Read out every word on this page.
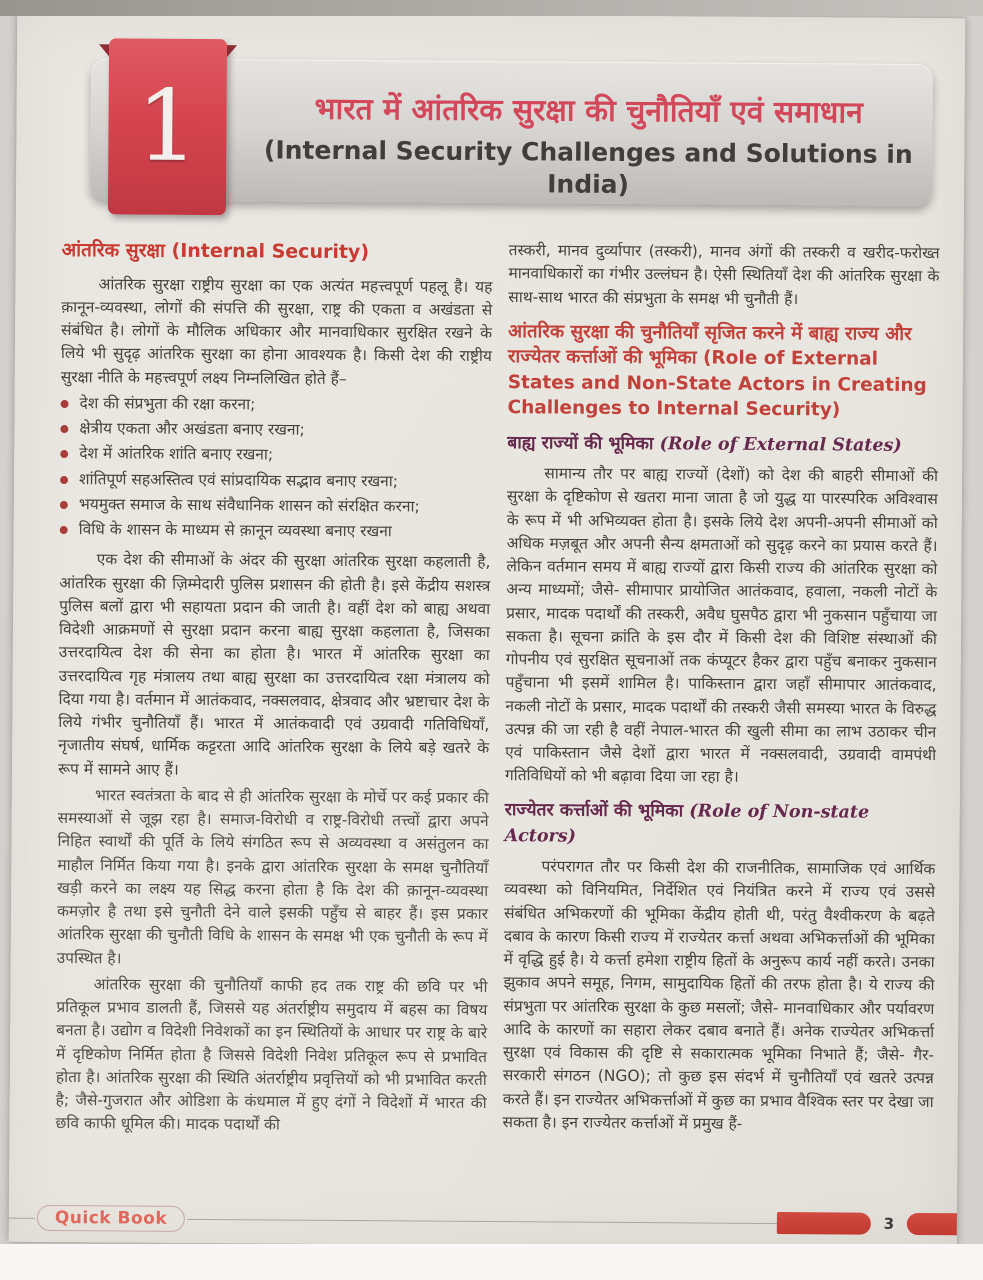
भारत में आंतरिक सुरक्षा की चुनौतियाँ एवं समाधान
(Internal Security Challenges and Solutions in India)
1
आंतरिक सुरक्षा (Internal Security)

आंतरिक सुरक्षा राष्ट्रीय सुरक्षा का एक अत्यंत महत्त्वपूर्ण पहलू है। यह क़ानून-व्यवस्था, लोगों की संपत्ति की सुरक्षा, राष्ट्र की एकता व अखंडता से संबंधित है। लोगों के मौलिक अधिकार और मानवाधिकार सुरक्षित रखने के लिये भी सुदृढ़ आंतरिक सुरक्षा का होना आवश्यक है। किसी देश की राष्ट्रीय सुरक्षा नीति के महत्त्वपूर्ण लक्ष्य निम्नलिखित होते हैं–

देश की संप्रभुता की रक्षा करना;
क्षेत्रीय एकता और अखंडता बनाए रखना;
देश में आंतरिक शांति बनाए रखना;
शांतिपूर्ण सहअस्तित्व एवं सांप्रदायिक सद्भाव बनाए रखना;
भयमुक्त समाज के साथ संवैधानिक शासन को संरक्षित करना;
विधि के शासन के माध्यम से क़ानून व्यवस्था बनाए रखना

एक देश की सीमाओं के अंदर की सुरक्षा आंतरिक सुरक्षा कहलाती है, आंतरिक सुरक्षा की ज़िम्मेदारी पुलिस प्रशासन की होती है। इसे केंद्रीय सशस्त्र पुलिस बलों द्वारा भी सहायता प्रदान की जाती है। वहीं देश को बाह्य अथवा विदेशी आक्रमणों से सुरक्षा प्रदान करना बाह्य सुरक्षा कहलाता है, जिसका उत्तरदायित्व देश की सेना का होता है। भारत में आंतरिक सुरक्षा का उत्तरदायित्व गृह मंत्रालय तथा बाह्य सुरक्षा का उत्तरदायित्व रक्षा मंत्रालय को दिया गया है। वर्तमान में आतंकवाद, नक्सलवाद, क्षेत्रवाद और भ्रष्टाचार देश के लिये गंभीर चुनौतियाँ हैं। भारत में आतंकवादी एवं उग्रवादी गतिविधियाँ, नृजातीय संघर्ष, धार्मिक कट्टरता आदि आंतरिक सुरक्षा के लिये बड़े खतरे के रूप में सामने आए हैं।

भारत स्वतंत्रता के बाद से ही आंतरिक सुरक्षा के मोर्चे पर कई प्रकार की समस्याओं से जूझ रहा है। समाज-विरोधी व राष्ट्र-विरोधी तत्त्वों द्वारा अपने निहित स्वार्थों की पूर्ति के लिये संगठित रूप से अव्यवस्था व असंतुलन का माहौल निर्मित किया गया है। इनके द्वारा आंतरिक सुरक्षा के समक्ष चुनौतियाँ खड़ी करने का लक्ष्य यह सिद्ध करना होता है कि देश की क़ानून-व्यवस्था कमज़ोर है तथा इसे चुनौती देने वाले इसकी पहुँच से बाहर हैं। इस प्रकार आंतरिक सुरक्षा की चुनौती विधि के शासन के समक्ष भी एक चुनौती के रूप में उपस्थित है।

आंतरिक सुरक्षा की चुनौतियाँ काफी हद तक राष्ट्र की छवि पर भी प्रतिकूल प्रभाव डालती हैं, जिससे यह अंतर्राष्ट्रीय समुदाय में बहस का विषय बनता है। उद्योग व विदेशी निवेशकों का इन स्थितियों के आधार पर राष्ट्र के बारे में दृष्टिकोण निर्मित होता है जिससे विदेशी निवेश प्रतिकूल रूप से प्रभावित होता है। आंतरिक सुरक्षा की स्थिति अंतर्राष्ट्रीय प्रवृत्तियों को भी प्रभावित करती है; जैसे-गुजरात और ओडिशा के कंधमाल में हुए दंगों ने विदेशों में भारत की छवि काफी धूमिल की। मादक पदार्थों की

तस्करी, मानव दुर्व्यापार (तस्करी), मानव अंगों की तस्करी व खरीद-फरोख्त मानवाधिकारों का गंभीर उल्लंघन है। ऐसी स्थितियाँ देश की आंतरिक सुरक्षा के साथ-साथ भारत की संप्रभुता के समक्ष भी चुनौती हैं।

आंतरिक सुरक्षा की चुनौतियाँ सृजित करने में बाह्य राज्य और राज्येतर कर्त्ताओं की भूमिका (Role of External States and Non-State Actors in Creating Challenges to Internal Security)
बाह्य राज्यों की भूमिका (Role of External States)

सामान्य तौर पर बाह्य राज्यों (देशों) को देश की बाहरी सीमाओं की सुरक्षा के दृष्टिकोण से खतरा माना जाता है जो युद्ध या पारस्परिक अविश्वास के रूप में भी अभिव्यक्त होता है। इसके लिये देश अपनी-अपनी सीमाओं को अधिक मज़बूत और अपनी सैन्य क्षमताओं को सुदृढ़ करने का प्रयास करते हैं। लेकिन वर्तमान समय में बाह्य राज्यों द्वारा किसी राज्य की आंतरिक सुरक्षा को अन्य माध्यमों; जैसे- सीमापार प्रायोजित आतंकवाद, हवाला, नकली नोटों के प्रसार, मादक पदार्थों की तस्करी, अवैध घुसपैठ द्वारा भी नुकसान पहुँचाया जा सकता है। सूचना क्रांति के इस दौर में किसी देश की विशिष्ट संस्थाओं की गोपनीय एवं सुरक्षित सूचनाओं तक कंप्यूटर हैकर द्वारा पहुँच बनाकर नुकसान पहुँचाना भी इसमें शामिल है। पाकिस्तान द्वारा जहाँ सीमापार आतंकवाद, नकली नोटों के प्रसार, मादक पदार्थों की तस्करी जैसी समस्या भारत के विरुद्ध उत्पन्न की जा रही है वहीं नेपाल-भारत की खुली सीमा का लाभ उठाकर चीन एवं पाकिस्तान जैसे देशों द्वारा भारत में नक्सलवादी, उग्रवादी वामपंथी गतिविधियों को भी बढ़ावा दिया जा रहा है।

राज्येतर कर्त्ताओं की भूमिका (Role of Non-state Actors)

परंपरागत तौर पर किसी देश की राजनीतिक, सामाजिक एवं आर्थिक व्यवस्था को विनियमित, निर्देशित एवं नियंत्रित करने में राज्य एवं उससे संबंधित अभिकरणों की भूमिका केंद्रीय होती थी, परंतु वैश्वीकरण के बढ़ते दबाव के कारण किसी राज्य में राज्येतर कर्त्ता अथवा अभिकर्त्ताओं की भूमिका में वृद्धि हुई है। ये कर्त्ता हमेशा राष्ट्रीय हितों के अनुरूप कार्य नहीं करते। उनका झुकाव अपने समूह, निगम, सामुदायिक हितों की तरफ होता है। ये राज्य की संप्रभुता पर आंतरिक सुरक्षा के कुछ मसलों; जैसे- मानवाधिकार और पर्यावरण आदि के कारणों का सहारा लेकर दबाव बनाते हैं। अनेक राज्येतर अभिकर्त्ता सुरक्षा एवं विकास की दृष्टि से सकारात्मक भूमिका निभाते हैं; जैसे- गैर-सरकारी संगठन (NGO); तो कुछ इस संदर्भ में चुनौतियाँ एवं खतरे उत्पन्न करते हैं। इन राज्येतर अभिकर्त्ताओं में कुछ का प्रभाव वैश्विक स्तर पर देखा जा सकता है। इन राज्येतर कर्त्ताओं में प्रमुख हैं-

Quick Book	3
